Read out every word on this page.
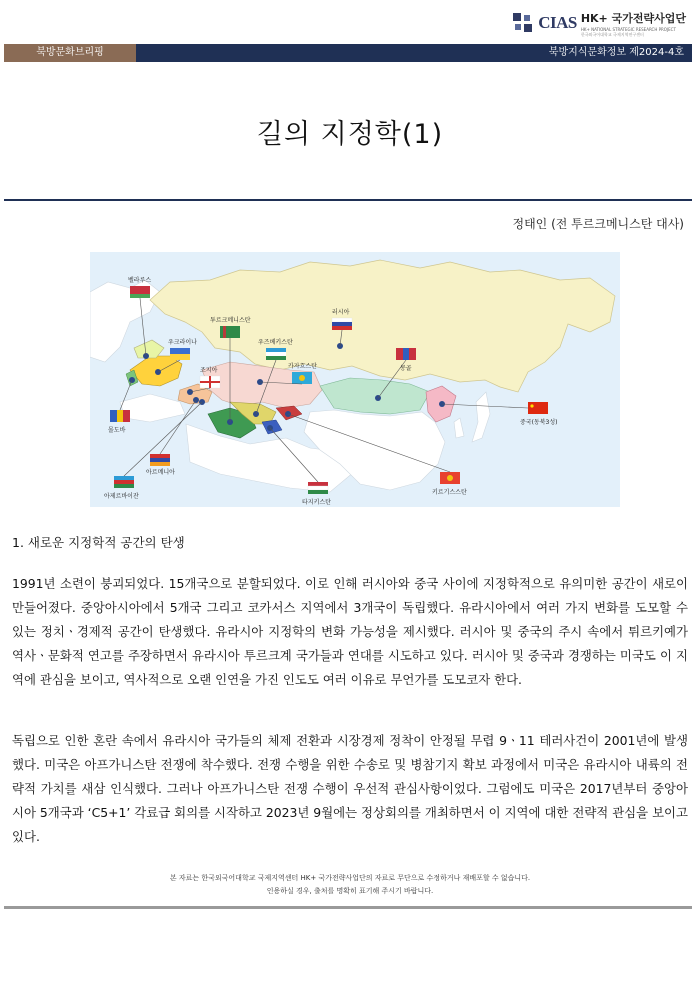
CIAS HK+ 국가전략사업단
HK+ NATIONAL STRATEGIC RESEARCH PROJECT
한국외국어대학교 국제지역연구센터
북방문화브리핑	북방지식문화정보 제2024-4호
길의 지정학(1)
정태인 (전 투르크메니스탄 대사)
벨라루스
우크라이나
투르크메니스탄
우즈베키스탄
러시아
조지아
카자흐스탄	몽골
몰도바
아르메니아
아제르바이잔
타지키스탄
키르기스스탄
중국(동북3성)
1. 새로운 지정학적 공간의 탄생

1991년 소련이 붕괴되었다. 15개국으로 분할되었다. 이로 인해 러시아와 중국 사이에 지정학적으로 유의미한 공간이 새로이 만들어졌다. 중앙아시아에서 5개국 그리고 코카서스 지역에서 3개국이 독립했다. 유라시아에서 여러 가지 변화를 도모할 수 있는 정치ㆍ경제적 공간이 탄생했다. 유라시아 지정학의 변화 가능성을 제시했다. 러시아 및 중국의 주시 속에서 튀르키예가 역사ㆍ문화적 연고를 주장하면서 유라시아 투르크계 국가들과 연대를 시도하고 있다. 러시아 및 중국과 경쟁하는 미국도 이 지역에 관심을 보이고, 역사적으로 오랜 인연을 가진 인도도 여러 이유로 무언가를 도모코자 한다.

독립으로 인한 혼란 속에서 유라시아 국가들의 체제 전환과 시장경제 정착이 안정될 무렵 9ㆍ11 테러사건이 2001년에 발생했다. 미국은 아프가니스탄 전쟁에 착수했다. 전쟁 수행을 위한 수송로 및 병참기지 확보 과정에서 미국은 유라시아 내륙의 전략적 가치를 새삼 인식했다. 그러나 아프가니스탄 전쟁 수행이 우선적 관심사항이었다. 그럼에도 미국은 2017년부터 중앙아시아 5개국과 ‘C5+1’ 각료급 회의를 시작하고 2023년 9월에는 정상회의를 개최하면서 이 지역에 대한 전략적 관심을 보이고 있다.

본 자료는 한국외국어대학교 국제지역센터 HK+ 국가전략사업단의 자료로 무단으로 수정하거나 재배포할 수 없습니다.
인용하실 경우, 출처를 명확히 표기해 주시기 바랍니다.
